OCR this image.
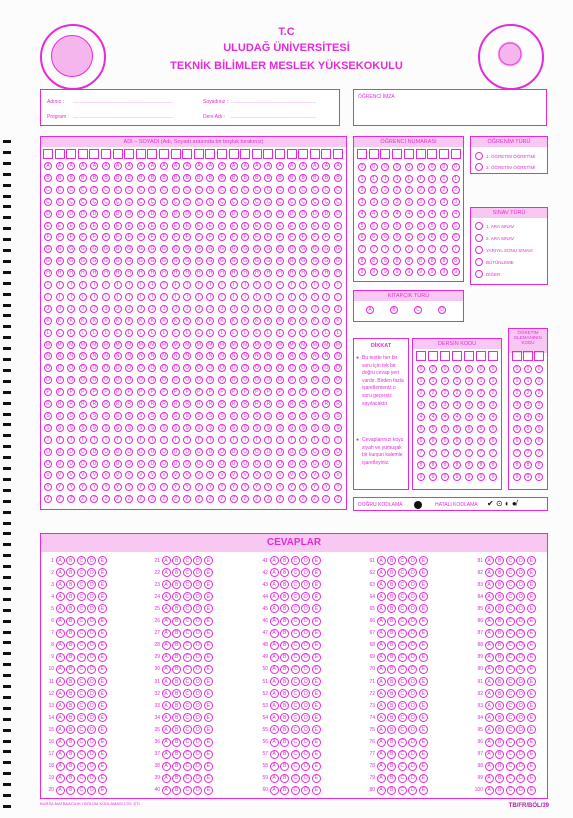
T.C
ULUDAĞ ÜNİVERSİTESİ
TEKNİK BİLİMLER MESLEK YÜKSEKOKULU
Adınız : ……………………………………………………	Soyadınız : ……………………………………………
Program : ……………………………………………………	Ders Adı : ……………………………………………
ÖĞRENCİ İMZA
ADI – SOYADI (Adı, Soyadı arasında bir boşluk bırakınız)
A	A	A	A	A	A	A	A	A	A	A	A	A	A	A	A	A	A	A	A	A	A	A	A	A	A
B	B	B	B	B	B	B	B	B	B	B	B	B	B	B	B	B	B	B	B	B	B	B	B	B	B
C	C	C	C	C	C	C	C	C	C	C	C	C	C	C	C	C	C	C	C	C	C	C	C	C	C
Ç	Ç	Ç	Ç	Ç	Ç	Ç	Ç	Ç	Ç	Ç	Ç	Ç	Ç	Ç	Ç	Ç	Ç	Ç	Ç	Ç	Ç	Ç	Ç	Ç	Ç
D	D	D	D	D	D	D	D	D	D	D	D	D	D	D	D	D	D	D	D	D	D	D	D	D	D
E	E	E	E	E	E	E	E	E	E	E	E	E	E	E	E	E	E	E	E	E	E	E	E	E	E
F	F	F	F	F	F	F	F	F	F	F	F	F	F	F	F	F	F	F	F	F	F	F	F	F	F
G	G	G	G	G	G	G	G	G	G	G	G	G	G	G	G	G	G	G	G	G	G	G	G	G	G
Ğ	Ğ	Ğ	Ğ	Ğ	Ğ	Ğ	Ğ	Ğ	Ğ	Ğ	Ğ	Ğ	Ğ	Ğ	Ğ	Ğ	Ğ	Ğ	Ğ	Ğ	Ğ	Ğ	Ğ	Ğ	Ğ
H	H	H	H	H	H	H	H	H	H	H	H	H	H	H	H	H	H	H	H	H	H	H	H	H	H
I	I	I	I	I	I	I	I	I	I	I	I	I	I	I	I	I	I	I	I	I	I	I	I	I	I
İ	İ	İ	İ	İ	İ	İ	İ	İ	İ	İ	İ	İ	İ	İ	İ	İ	İ	İ	İ	İ	İ	İ	İ	İ	İ
J	J	J	J	J	J	J	J	J	J	J	J	J	J	J	J	J	J	J	J	J	J	J	J	J	J
K	K	K	K	K	K	K	K	K	K	K	K	K	K	K	K	K	K	K	K	K	K	K	K	K	K
L	L	L	L	L	L	L	L	L	L	L	L	L	L	L	L	L	L	L	L	L	L	L	L	L	L
M	M	M	M	M	M	M	M	M	M	M	M	M	M	M	M	M	M	M	M	M	M	M	M	M	M
N	N	N	N	N	N	N	N	N	N	N	N	N	N	N	N	N	N	N	N	N	N	N	N	N	N
O	O	O	O	O	O	O	O	O	O	O	O	O	O	O	O	O	O	O	O	O	O	O	O	O	O
Ö	Ö	Ö	Ö	Ö	Ö	Ö	Ö	Ö	Ö	Ö	Ö	Ö	Ö	Ö	Ö	Ö	Ö	Ö	Ö	Ö	Ö	Ö	Ö	Ö	Ö
P	P	P	P	P	P	P	P	P	P	P	P	P	P	P	P	P	P	P	P	P	P	P	P	P	P
R	R	R	R	R	R	R	R	R	R	R	R	R	R	R	R	R	R	R	R	R	R	R	R	R	R
S	S	S	S	S	S	S	S	S	S	S	S	S	S	S	S	S	S	S	S	S	S	S	S	S	S
Ş	Ş	Ş	Ş	Ş	Ş	Ş	Ş	Ş	Ş	Ş	Ş	Ş	Ş	Ş	Ş	Ş	Ş	Ş	Ş	Ş	Ş	Ş	Ş	Ş	Ş
T	T	T	T	T	T	T	T	T	T	T	T	T	T	T	T	T	T	T	T	T	T	T	T	T	T
U	U	U	U	U	U	U	U	U	U	U	U	U	U	U	U	U	U	U	U	U	U	U	U	U	U
Ü	Ü	Ü	Ü	Ü	Ü	Ü	Ü	Ü	Ü	Ü	Ü	Ü	Ü	Ü	Ü	Ü	Ü	Ü	Ü	Ü	Ü	Ü	Ü	Ü	Ü
V	V	V	V	V	V	V	V	V	V	V	V	V	V	V	V	V	V	V	V	V	V	V	V	V	V
Y	Y	Y	Y	Y	Y	Y	Y	Y	Y	Y	Y	Y	Y	Y	Y	Y	Y	Y	Y	Y	Y	Y	Y	Y	Y
Z	Z	Z	Z	Z	Z	Z	Z	Z	Z	Z	Z	Z	Z	Z	Z	Z	Z	Z	Z	Z	Z	Z	Z	Z	Z
ÖĞRENCİ NUMARASI
0	0	0	0	0	0	0	0	0
1	1	1	1	1	1	1	1	1
2	2	2	2	2	2	2	2	2
3	3	3	3	3	3	3	3	3
4	4	4	4	4	4	4	4	4
5	5	5	5	5	5	5	5	5
6	6	6	6	6	6	6	6	6
7	7	7	7	7	7	7	7	7
8	8	8	8	8	8	8	8	8
9	9	9	9	9	9	9	9	9
ÖĞRENİM TÜRÜ
1. ÖĞRETİM ÖĞRETİMİ
2. ÖĞRETİM ÖĞRETİMİ
SINAV TÜRÜ
1. ARA SINAV
2. ARA SINAV
YARIYIL SONU SINAVI
BÜTÜNLEME
DİĞER
KİTAPÇIK TÜRÜ
A	B	C	D
DİKKAT
Bu testte her bir soru için tek bir doğru cevap yeri vardır. Birden fazla işaretlemeniz o soru geçersiz sayılacaktır.
Cevaplarınızı koyu siyah ve yumuşak bir kurşun kalemle işaretleyiniz.
●
●
DERSİN KODU
0	0	0	0	0	0	0
1	1	1	1	1	1	1
2	2	2	2	2	2	2
3	3	3	3	3	3	3
4	4	4	4	4	4	4
5	5	5	5	5	5	5
6	6	6	6	6	6	6
7	7	7	7	7	7	7
8	8	8	8	8	8	8
9	9	9	9	9	9	9
ÖĞRETİM ELEMANININ KODU
0	0	0
1	1	1
2	2	2
3	3	3
4	4	4
5	5	5
6	6	6
7	7	7
8	8	8
9	9	9
DOĞRU KODLAMA	HATALI KODLAMA ✔ ⊙ ◐ ●̸
CEVAPLAR
1 A	B	C	D	E
2 A	B	C	D	E
3 A	B	C	D	E
4 A	B	C	D	E
5 A	B	C	D	E
6 A	B	C	D	E
7 A	B	C	D	E
8 A	B	C	D	E
9 A	B	C	D	E
10 A	B	C	D	E
11 A	B	C	D	E
12 A	B	C	D	E
13 A	B	C	D	E
14 A	B	C	D	E
15 A	B	C	D	E
16 A	B	C	D	E
17 A	B	C	D	E
18 A	B	C	D	E
19 A	B	C	D	E
20 A	B	C	D	E
21 A	B	C	D	E
22 A	B	C	D	E
23 A	B	C	D	E
24 A	B	C	D	E
25 A	B	C	D	E
26 A	B	C	D	E
27 A	B	C	D	E
28 A	B	C	D	E
29 A	B	C	D	E
30 A	B	C	D	E
31 A	B	C	D	E
32 A	B	C	D	E
33 A	B	C	D	E
34 A	B	C	D	E
35 A	B	C	D	E
36 A	B	C	D	E
37 A	B	C	D	E
38 A	B	C	D	E
39 A	B	C	D	E
40 A	B	C	D	E
41 A	B	C	D	E
42 A	B	C	D	E
43 A	B	C	D	E
44 A	B	C	D	E
45 A	B	C	D	E
46 A	B	C	D	E
47 A	B	C	D	E
48 A	B	C	D	E
49 A	B	C	D	E
50 A	B	C	D	E
51 A	B	C	D	E
52 A	B	C	D	E
53 A	B	C	D	E
54 A	B	C	D	E
55 A	B	C	D	E
56 A	B	C	D	E
57 A	B	C	D	E
58 A	B	C	D	E
59 A	B	C	D	E
60 A	B	C	D	E
61 A	B	C	D	E
62 A	B	C	D	E
63 A	B	C	D	E
64 A	B	C	D	E
65 A	B	C	D	E
66 A	B	C	D	E
67 A	B	C	D	E
68 A	B	C	D	E
69 A	B	C	D	E
70 A	B	C	D	E
71 A	B	C	D	E
72 A	B	C	D	E
73 A	B	C	D	E
74 A	B	C	D	E
75 A	B	C	D	E
76 A	B	C	D	E
77 A	B	C	D	E
78 A	B	C	D	E
79 A	B	C	D	E
80 A	B	C	D	E
81 A	B	C	D	E
82 A	B	C	D	E
83 A	B	C	D	E
84 A	B	C	D	E
85 A	B	C	D	E
86 A	B	C	D	E
87 A	B	C	D	E
88 A	B	C	D	E
89 A	B	C	D	E
90 A	B	C	D	E
91 A	B	C	D	E
92 A	B	C	D	E
93 A	B	C	D	E
94 A	B	C	D	E
95 A	B	C	D	E
96 A	B	C	D	E
97 A	B	C	D	E
98 A	B	C	D	E
99 A	B	C	D	E
100 A	B	C	D	E
BURSA MATBAACILIK / BÖLÜM KODLAMASI LTD. ŞTİ.	TB/FR/BÖL/39
